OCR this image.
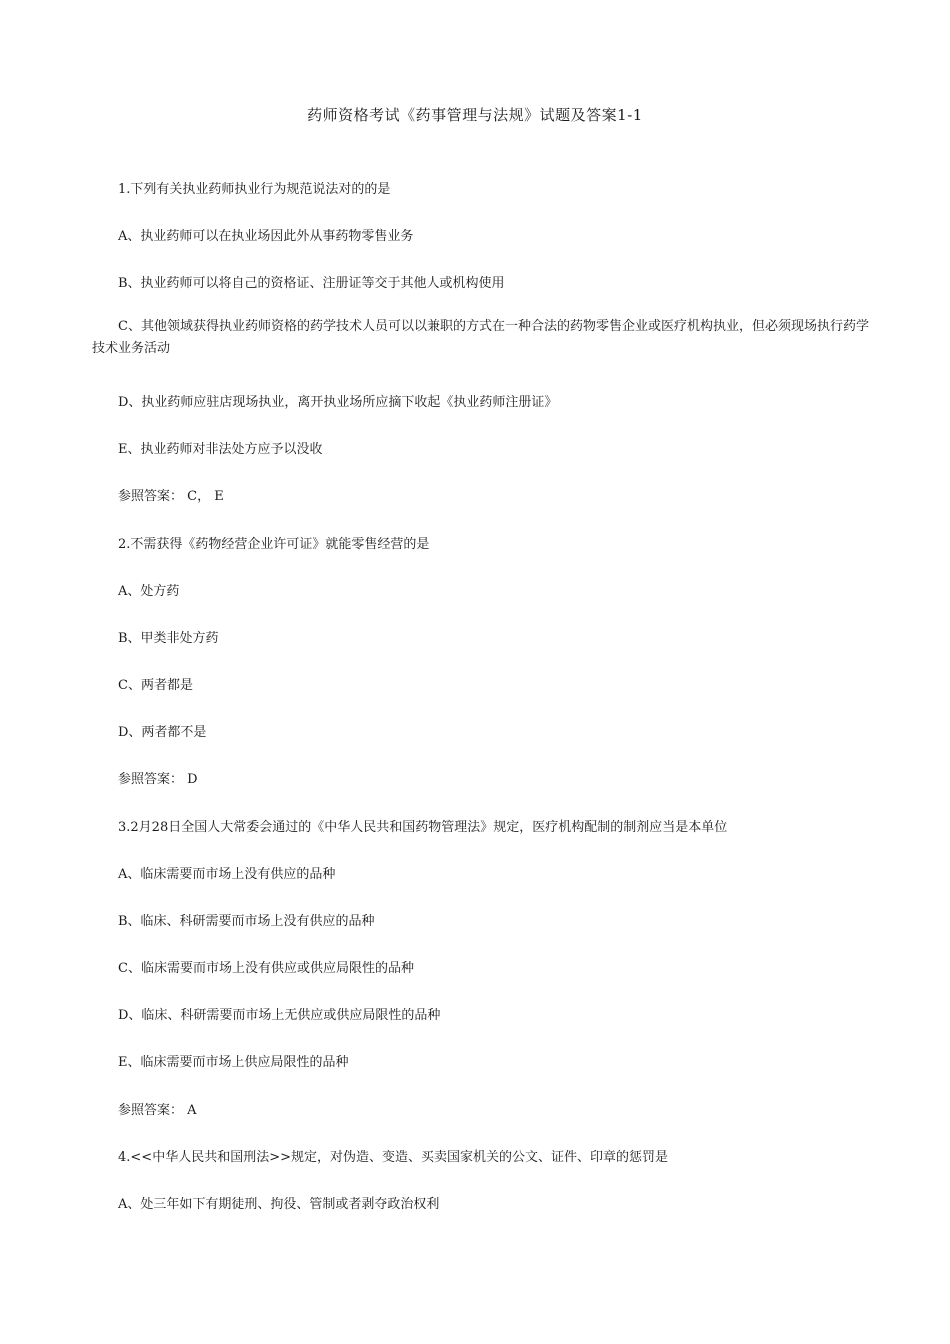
药师资格考试《药事管理与法规》试题及答案1-1
1.下列有关执业药师执业行为规范说法对的的是
A、执业药师可以在执业场因此外从事药物零售业务
B、执业药师可以将自己的资格证、注册证等交于其他人或机构使用
C、其他领域获得执业药师资格的药学技术人员可以以兼职的方式在一种合法的药物零售企业或医疗机构执业，但必须现场执行药学技术业务活动
D、执业药师应驻店现场执业，离开执业场所应摘下收起《执业药师注册证》
E、执业药师对非法处方应予以没收
参照答案： C， E
2.不需获得《药物经营企业许可证》就能零售经营的是
A、处方药
B、甲类非处方药
C、两者都是
D、两者都不是
参照答案： D
3.2月28日全国人大常委会通过的《中华人民共和国药物管理法》规定，医疗机构配制的制剂应当是本单位
A、临床需要而市场上没有供应的品种
B、临床、科研需要而市场上没有供应的品种
C、临床需要而市场上没有供应或供应局限性的品种
D、临床、科研需要而市场上无供应或供应局限性的品种
E、临床需要而市场上供应局限性的品种
参照答案： A
4.<<中华人民共和国刑法>>规定，对伪造、变造、买卖国家机关的公文、证件、印章的惩罚是
A、处三年如下有期徒刑、拘役、管制或者剥夺政治权利
